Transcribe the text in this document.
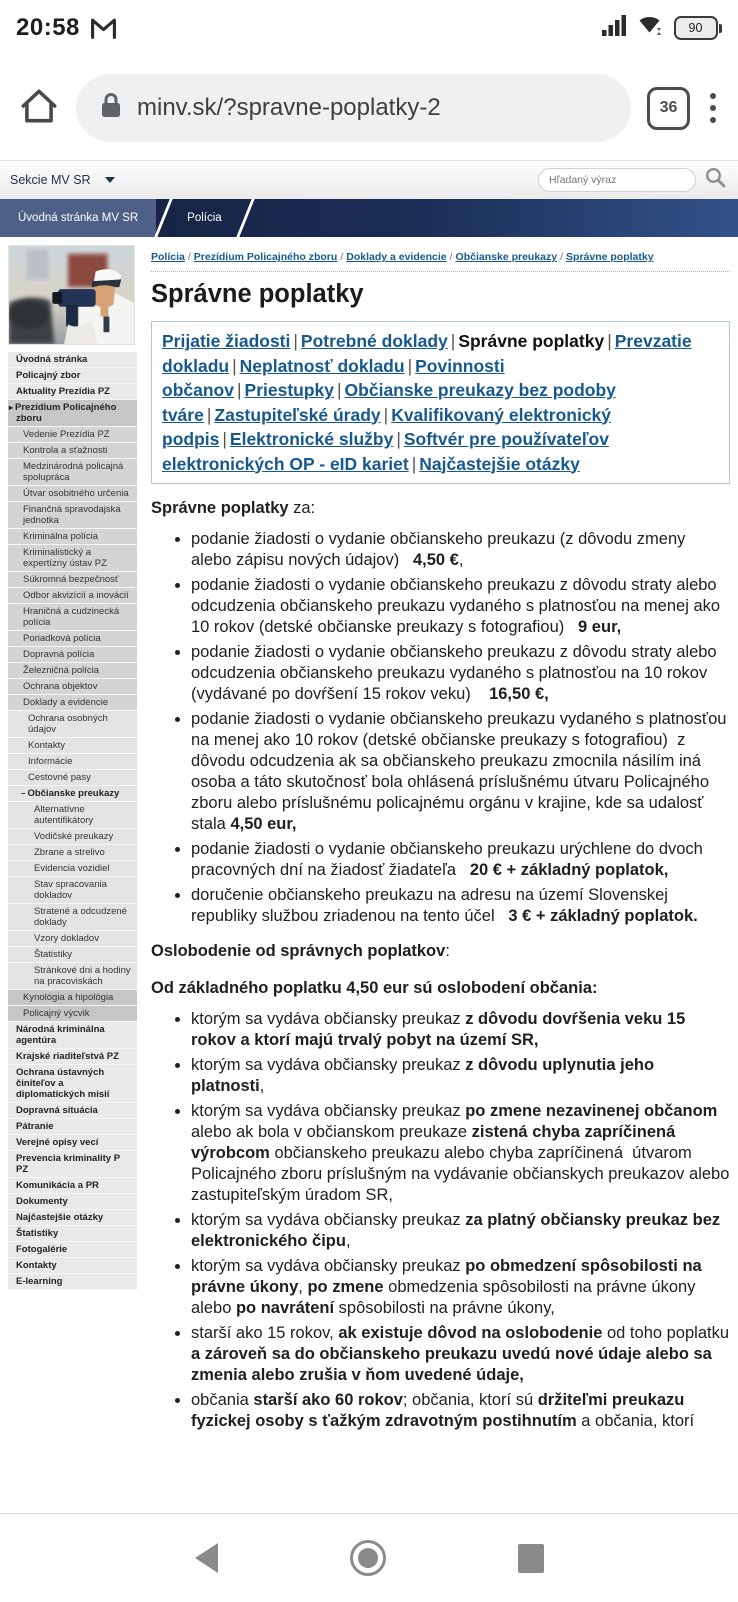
20:58	90
minv.sk/?spravne-poplatky-2	36
Sekcie MV SR
Hľadaný výraz
Úvodná stránka MV SR	Polícia
Úvodná stránka
Policajný zbor
Aktuality Prezídia PZ
▸ Prezídium Policajného zboru
Vedenie Prezídia PZ
Kontrola a sťažnosti
Medzinárodná policajná spolupráca
Útvar osobitného určenia
Finančná spravodajská jednotka
Kriminálna polícia
Kriminalistický a expertízny ústav PZ
Súkromná bezpečnosť
Odbor akvizícií a inovácií
Hraničná a cudzinecká polícia
Poriadková polícia
Dopravná polícia
Železničná polícia
Ochrana objektov
Doklady a evidencie
Ochrana osobných údajov
Kontakty
Informácie
Cestovné pasy
– Občianske preukazy
Alternatívne autentifikátory
Vodičské preukazy
Zbrane a strelivo
Evidencia vozidiel
Stav spracovania dokladov
Stratené a odcudzené doklady
Vzory dokladov
Štatistiky
Stránkové dni a hodiny na pracoviskách
Kynológia a hipológia
Policajný výcvik
Národná kriminálna agentúra
Krajské riaditeľstvá PZ
Ochrana ústavných činiteľov a diplomatických misií
Dopravná situácia
Pátranie
Verejné opisy vecí
Prevencia kriminality P PZ
Komunikácia a PR
Dokumenty
Najčastejšie otázky
Štatistiky
Fotogalérie
Kontakty
E-learning
Polícia / Prezídium Policajného zboru / Doklady a evidencie / Občianske preukazy / Správne poplatky
Správne poplatky
Prijatie žiadosti | Potrebné doklady | Správne poplatky | Prevzatie dokladu | Neplatnosť dokladu | Povinnosti občanov | Priestupky | Občianske preukazy bez podoby tváre | Zastupiteľské úrady | Kvalifikovaný elektronický podpis | Elektronické služby | Softvér pre používateľov elektronických OP - eID kariet | Najčastejšie otázky

Správne poplatky za:

• podanie žiadosti o vydanie občianskeho preukazu (z dôvodu zmeny alebo zápisu nových údajov)   4,50 €,
• podanie žiadosti o vydanie občianskeho preukazu z dôvodu straty alebo odcudzenia občianskeho preukazu vydaného s platnosťou na menej ako 10 rokov (detské občianske preukazy s fotografiou)   9 eur,
• podanie žiadosti o vydanie občianskeho preukazu z dôvodu straty alebo odcudzenia občianskeho preukazu vydaného s platnosťou na 10 rokov (vydávané po dovŕšení 15 rokov veku)    16,50 €,
• podanie žiadosti o vydanie občianskeho preukazu vydaného s platnosťou na menej ako 10 rokov (detské občianske preukazy s fotografiou)  z dôvodu odcudzenia ak sa občianskeho preukazu zmocnila násilím iná osoba a táto skutočnosť bola ohlásená príslušnému útvaru Policajného zboru alebo príslušnému policajnému orgánu v krajine, kde sa udalosť stala 4,50 eur,
• podanie žiadosti o vydanie občianskeho preukazu urýchlene do dvoch pracovných dní na žiadosť žiadateľa   20 € + základný poplatok,
• doručenie občianskeho preukazu na adresu na území Slovenskej republiky službou zriadenou na tento účel   3 € + základný poplatok.

Oslobodenie od správnych poplatkov:

Od základného poplatku 4,50 eur sú oslobodení občania:

• ktorým sa vydáva občiansky preukaz z dôvodu dovŕšenia veku 15 rokov a ktorí majú trvalý pobyt na území SR,
• ktorým sa vydáva občiansky preukaz z dôvodu uplynutia jeho platnosti,
• ktorým sa vydáva občiansky preukaz po zmene nezavinenej občanom alebo ak bola v občianskom preukaze zistená chyba zapríčinená výrobcom občianskeho preukazu alebo chyba zapríčinená  útvarom Policajného zboru príslušným na vydávanie občianskych preukazov alebo zastupiteľským úradom SR,
• ktorým sa vydáva občiansky preukaz za platný občiansky preukaz bez elektronického čipu,
• ktorým sa vydáva občiansky preukaz po obmedzení spôsobilosti na právne úkony, po zmene obmedzenia spôsobilosti na právne úkony alebo po navrátení spôsobilosti na právne úkony,
• starší ako 15 rokov, ak existuje dôvod na oslobodenie od toho poplatku a zároveň sa do občianskeho preukazu uvedú nové údaje alebo sa zmenia alebo zrušia v ňom uvedené údaje,
• občania starší ako 60 rokov; občania, ktorí sú držiteľmi preukazu fyzickej osoby s ťažkým zdravotným postihnutím a občania, ktorí
